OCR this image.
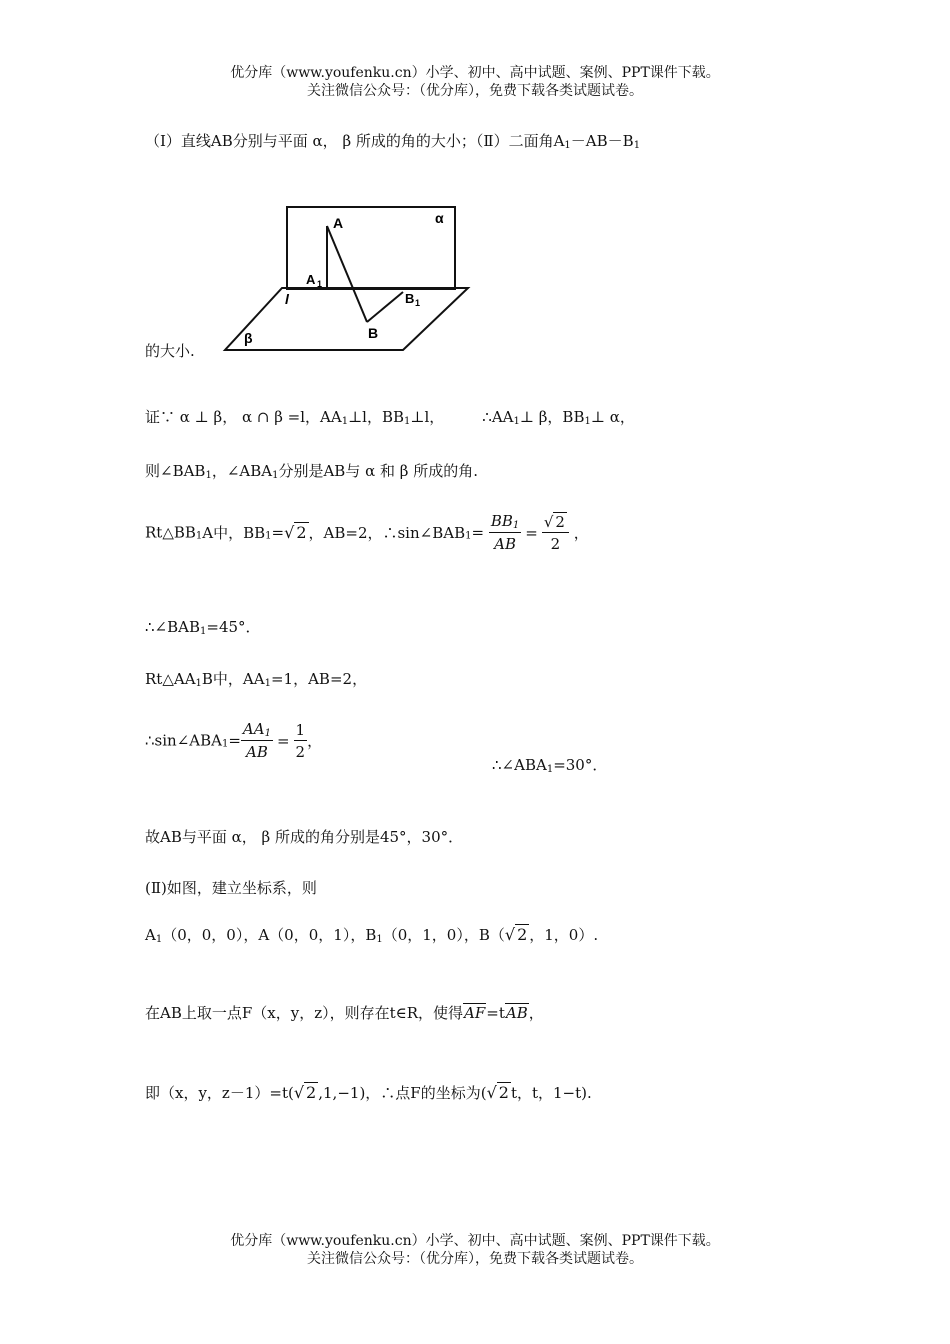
优分库（www.youfenku.cn）小学、初中、高中试题、案例、PPT课件下载。
关注微信公众号：（优分库），免费下载各类试题试卷。
（Ⅰ）直线AB分别与平面 α， β 所成的角的大小；（Ⅱ）二面角$A_1-AB-B_1$
A
A 1
B
B 1
l
α
β
的大小.
证∵ α ⊥ β， α ∩ β =l，$AA_1\perp l$，$BB_1\perp l$，	$\therefore AA_1\perp$ β，$BB_1\perp$ α，
则$\angle BAB_1$，$\angle ABA_1$分别是AB与 α 和 β 所成的角.
$Rt\triangle BB_1A$中，$BB_1=√$ 2 ，AB=2，$\therefore\sin\angle BAB_1= \frac{BB_1}{AB} = \frac{√ 2}{2}$ ，
$\therefore\angle BAB_1=45^\circ$．
$Rt\triangle AA_1B$中，$AA_1=1$，AB=2，
$\therefore\sin\angle ABA_1= \frac{AA_1}{AB} = \frac{1}{2}$ ，
$\therefore\angle ABA_1=30^\circ$．
故AB与平面 α， β 所成的角分别是45°，30°．
(Ⅱ)如图，建立坐标系，则
$A_1(0$，0，0），A（0，0，1），$B_1(0$，1，0），B（√ 2 ，1，0）.
在AB上取一点F（x，y，z），则存在t∈R，使得AF=tAB，
即（x，y，z－1）=t(√ 2 ,1,−1)，∴点F的坐标为(√ 2 t，t，1−t).
优分库（www.youfenku.cn）小学、初中、高中试题、案例、PPT课件下载。
关注微信公众号：（优分库），免费下载各类试题试卷。
